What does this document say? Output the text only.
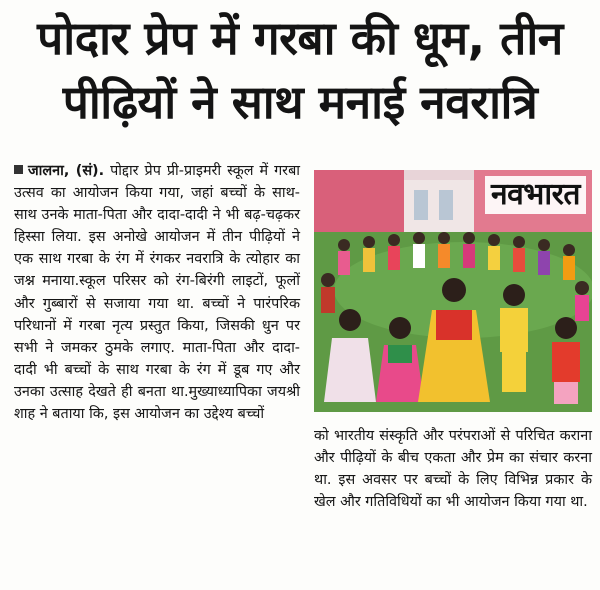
पोदार प्रेप में गरबा की धूम, तीन
पीढ़ियों ने साथ मनाई नवरात्रि

जालना, (सं). पोद्दार प्रेप प्री-प्राइमरी स्कूल में गरबा उत्सव का आयोजन किया गया, जहां बच्चों के साथ-साथ उनके माता-पिता और दादा-दादी ने भी बढ़-चढ़कर हिस्सा लिया. इस अनोखे आयोजन में तीन पीढ़ियों ने एक साथ गरबा के रंग में रंगकर नवरात्रि के त्योहार का जश्न मनाया.स्कूल परिसर को रंग-बिरंगी लाइटों, फूलों और गुब्बारों से सजाया गया था. बच्चों ने पारंपरिक परिधानों में गरबा नृत्य प्रस्तुत किया, जिसकी धुन पर सभी ने जमकर ठुमके लगाए. माता-पिता और दादा-दादी भी बच्चों के साथ गरबा के रंग में डूब गए और उनका उत्साह देखते ही बनता था.मुख्याध्यापिका जयश्री शाह ने बताया कि, इस आयोजन का उद्देश्य बच्चों

नवभारत

को भारतीय संस्कृति और परंपराओं से परिचित कराना और पीढ़ियों के बीच एकता और प्रेम का संचार करना था. इस अवसर पर बच्चों के लिए विभिन्न प्रकार के खेल और गतिविधियों का भी आयोजन किया गया था.
